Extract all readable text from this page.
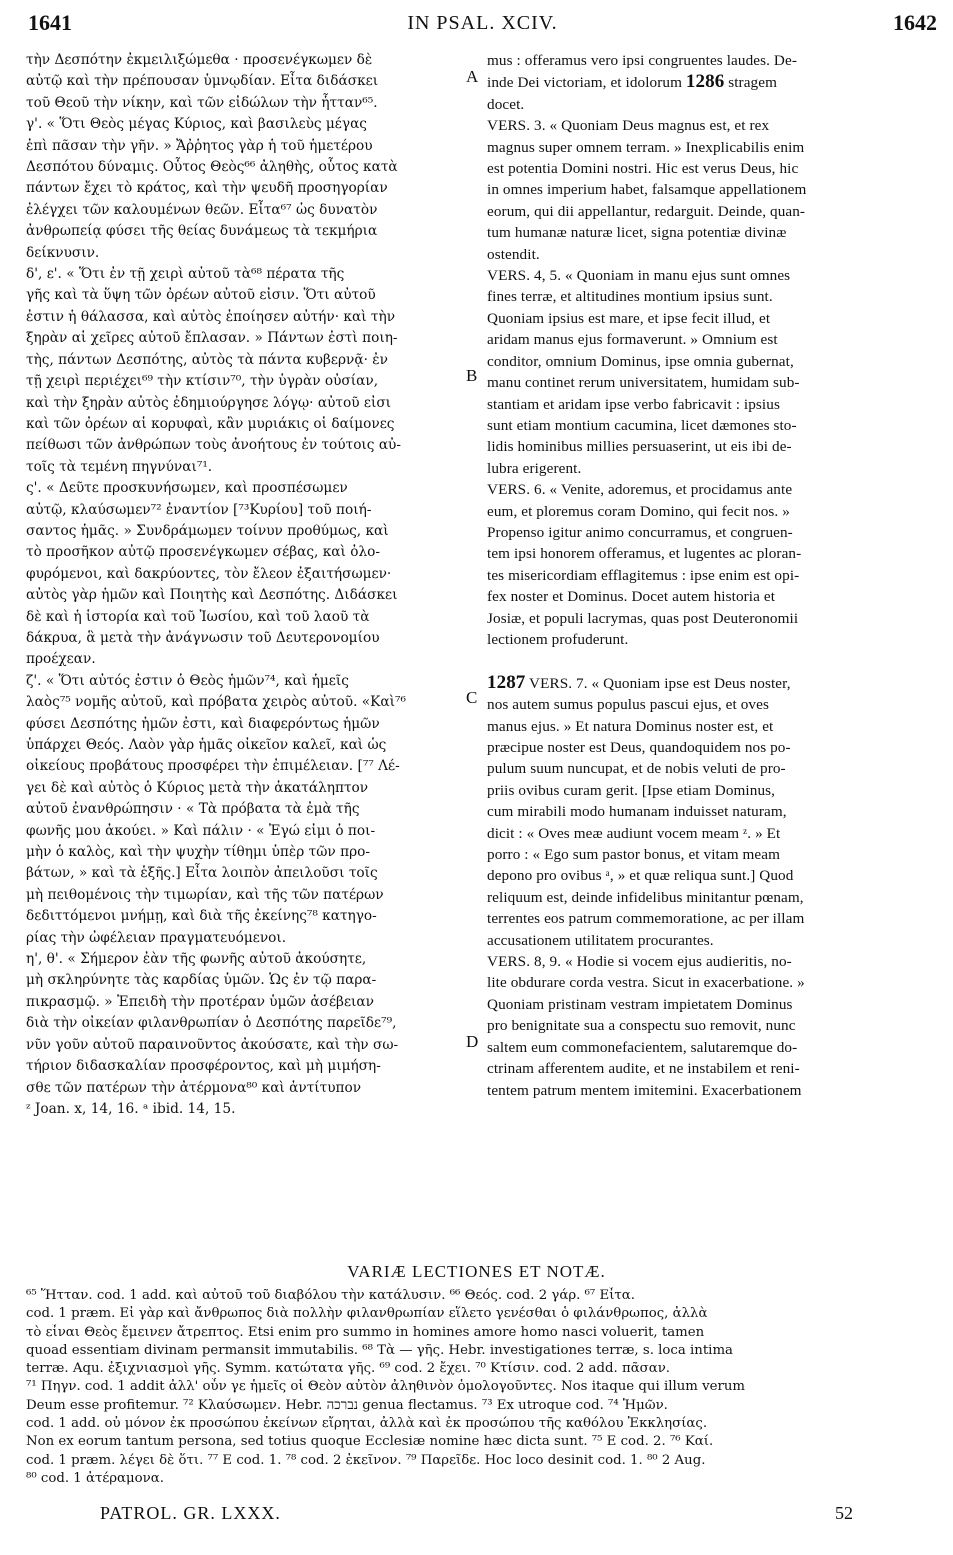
1641	IN PSAL. XCIV.	1642
τὴν Δεσπότην ἐκμειλιξώμεθα · προσενέγκωμεν δὲ
αὐτῷ καὶ τὴν πρέπουσαν ὑμνῳδίαν. Εἶτα διδάσκει
τοῦ Θεοῦ τὴν νίκην, καὶ τῶν εἰδώλων τὴν ἧτταν⁶⁵.
γ'. « Ὅτι Θεὸς μέγας Κύριος, καὶ βασιλεὺς μέγας
ἐπὶ πᾶσαν τὴν γῆν. » Ἄῤῥητος γὰρ ἡ τοῦ ἡμετέρου
Δεσπότου δύναμις. Οὗτος Θεὸς⁶⁶ ἀληθὴς, οὗτος κατὰ
πάντων ἔχει τὸ κράτος, καὶ τὴν ψευδῆ προσηγορίαν
ἐλέγχει τῶν καλουμένων θεῶν. Εἶτα⁶⁷ ὡς δυνατὸν
ἀνθρωπείᾳ φύσει τῆς θείας δυνάμεως τὰ τεκμήρια
δείκνυσιν.
δ', ε'. « Ὅτι ἐν τῇ χειρὶ αὐτοῦ τὰ⁶⁸ πέρατα τῆς
γῆς καὶ τὰ ὕψη τῶν ὀρέων αὐτοῦ εἰσιν. Ὅτι αὐτοῦ
ἐστιν ἡ θάλασσα, καὶ αὐτὸς ἐποίησεν αὐτήν· καὶ τὴν
ξηρὰν αἱ χεῖρες αὐτοῦ ἔπλασαν. » Πάντων ἐστὶ ποιη-
τὴς, πάντων Δεσπότης, αὐτὸς τὰ πάντα κυβερνᾷ· ἐν
τῇ χειρὶ περιέχει⁶⁹ τὴν κτίσιν⁷⁰, τὴν ὑγρὰν οὐσίαν,
καὶ τὴν ξηρὰν αὐτὸς ἐδημιούργησε λόγῳ· αὐτοῦ εἰσι
καὶ τῶν ὀρέων αἱ κορυφαὶ, κἂν μυριάκις οἱ δαίμονες
πείθωσι τῶν ἀνθρώπων τοὺς ἀνοήτους ἐν τούτοις αὐ-
τοῖς τὰ τεμένη πηγνύναι⁷¹.
ς'. « Δεῦτε προσκυνήσωμεν, καὶ προσπέσωμεν
αὐτῷ, κλαύσωμεν⁷² ἐναντίον [⁷³Κυρίου] τοῦ ποιή-
σαντος ἡμᾶς. » Συνδράμωμεν τοίνυν προθύμως, καὶ
τὸ προσῆκον αὐτῷ προσενέγκωμεν σέβας, καὶ ὀλο-
φυρόμενοι, καὶ δακρύοντες, τὸν ἔλεον ἐξαιτήσωμεν·
αὐτὸς γὰρ ἡμῶν καὶ Ποιητὴς καὶ Δεσπότης. Διδάσκει
δὲ καὶ ἡ ἱστορία καὶ τοῦ Ἰωσίου, καὶ τοῦ λαοῦ τὰ
δάκρυα, ἃ μετὰ τὴν ἀνάγνωσιν τοῦ Δευτερονομίου
προέχεαν.
ζ'. « Ὅτι αὐτός ἐστιν ὁ Θεὸς ἡμῶν⁷⁴, καὶ ἡμεῖς
λαὸς⁷⁵ νομῆς αὐτοῦ, καὶ πρόβατα χειρὸς αὐτοῦ. «Καὶ⁷⁶
φύσει Δεσπότης ἡμῶν ἐστι, καὶ διαφερόντως ἡμῶν
ὑπάρχει Θεός. Λαὸν γὰρ ἡμᾶς οἰκεῖον καλεῖ, καὶ ὡς
οἰκείους προβάτους προσφέρει τὴν ἐπιμέλειαν. [⁷⁷ Λέ-
γει δὲ καὶ αὐτὸς ὁ Κύριος μετὰ τὴν ἀκατάληπτον
αὐτοῦ ἐνανθρώπησιν · « Τὰ πρόβατα τὰ ἐμὰ τῆς
φωνῆς μου ἀκούει. » Καὶ πάλιν · « Ἐγώ εἰμι ὁ ποι-
μὴν ὁ καλὸς, καὶ τὴν ψυχὴν τίθημι ὑπὲρ τῶν προ-
βάτων, » καὶ τὰ ἑξῆς.] Εἶτα λοιπὸν ἀπειλοῦσι τοῖς
μὴ πειθομένοις τὴν τιμωρίαν, καὶ τῆς τῶν πατέρων
δεδιττόμενοι μνήμῃ, καὶ διὰ τῆς ἐκείνης⁷⁸ κατηγο-
ρίας τὴν ὠφέλειαν πραγματευόμενοι.
η', θ'. « Σήμερον ἐὰν τῆς φωνῆς αὐτοῦ ἀκούσητε,
μὴ σκληρύνητε τὰς καρδίας ὑμῶν. Ὡς ἐν τῷ παρα-
πικρασμῷ. » Ἐπειδὴ τὴν προτέραν ὑμῶν ἀσέβειαν
διὰ τὴν οἰκείαν φιλανθρωπίαν ὁ Δεσπότης παρεῖδε⁷⁹,
νῦν γοῦν αὐτοῦ παραινοῦντος ἀκούσατε, καὶ τὴν σω-
τήριον διδασκαλίαν προσφέροντος, καὶ μὴ μιμήση-
σθε τῶν πατέρων τὴν ἀτέρμονα⁸⁰ καὶ ἀντίτυπον
ᶻ Joan. x, 14, 16. ᵃ ibid. 14, 15.
mus : offeramus vero ipsi congruentes laudes. De-
inde Dei victoriam, et idolorum 1286 stragem
docet.
VERS. 3. « Quoniam Deus magnus est, et rex
magnus super omnem terram. » Inexplicabilis enim
est potentia Domini nostri. Hic est verus Deus, hic
in omnes imperium habet, falsamque appellationem
eorum, qui dii appellantur, redarguit. Deinde, quan-
tum humanæ naturæ licet, signa potentiæ divinæ
ostendit.
VERS. 4, 5. « Quoniam in manu ejus sunt omnes
fines terræ, et altitudines montium ipsius sunt.
Quoniam ipsius est mare, et ipse fecit illud, et
aridam manus ejus formaverunt. » Omnium est
conditor, omnium Dominus, ipse omnia gubernat,
manu continet rerum universitatem, humidam sub-
stantiam et aridam ipse verbo fabricavit : ipsius
sunt etiam montium cacumina, licet dæmones sto-
lidis hominibus millies persuaserint, ut eis ibi de-
lubra erigerent.
VERS. 6. « Venite, adoremus, et procidamus ante
eum, et ploremus coram Domino, qui fecit nos. »
Propenso igitur animo concurramus, et congruen-
tem ipsi honorem offeramus, et lugentes ac ploran-
tes misericordiam efflagitemus : ipse enim est opi-
fex noster et Dominus. Docet autem historia et
Josiæ, et populi lacrymas, quas post Deuteronomii
lectionem profuderunt.

1287 VERS. 7. « Quoniam ipse est Deus noster,
nos autem sumus populus pascui ejus, et oves
manus ejus. » Et natura Dominus noster est, et
præcipue noster est Deus, quandoquidem nos po-
pulum suum nuncupat, et de nobis veluti de pro-
priis ovibus curam gerit. [Ipse etiam Dominus,
cum mirabili modo humanam induisset naturam,
dicit : « Oves meæ audiunt vocem meam ᶻ. » Et
porro : « Ego sum pastor bonus, et vitam meam
depono pro ovibus ᵃ, » et quæ reliqua sunt.] Quod
reliquum est, deinde infidelibus minitantur pœnam,
terrentes eos patrum commemoratione, ac per illam
accusationem utilitatem procurantes.
VERS. 8, 9. « Hodie si vocem ejus audieritis, no-
lite obdurare corda vestra. Sicut in exacerbatione. »
Quoniam pristinam vestram impietatem Dominus
pro benignitate sua a conspectu suo removit, nunc
saltem eum commonefacientem, salutaremque do-
ctrinam afferentem audite, et ne instabilem et reni-
tentem patrum mentem imitemini. Exacerbationem
A
B
C
D
VARIÆ LECTIONES ET NOTÆ.
⁶⁵ Ἥτταν. cod. 1 add. καὶ αὐτοῦ τοῦ διαβόλου τὴν κατάλυσιν. ⁶⁶ Θεός. cod. 2 γάρ. ⁶⁷ Εἶτα.
cod. 1 præm. Εἰ γὰρ καὶ ἄνθρωπος διὰ πολλὴν φιλανθρωπίαν εἵλετο γενέσθαι ὁ φιλάνθρωπος, ἀλλὰ
τὸ εἶναι Θεὸς ἔμεινεν ἄτρεπτος. Etsi enim pro summo in homines amore homo nasci voluerit, tamen
quoad essentiam divinam permansit immutabilis. ⁶⁸ Τὰ — γῆς. Hebr. investigationes terræ, s. loca intima
terræ. Aqu. ἐξιχνιασμοὶ γῆς. Symm. κατώτατα γῆς. ⁶⁹ cod. 2 ἔχει. ⁷⁰ Κτίσιν. cod. 2 add. πᾶσαν.
⁷¹ Πηγν. cod. 1 addit ἀλλ' οὖν γε ἡμεῖς οἱ Θεὸν αὐτὸν ἀληθινὸν ὁμολογοῦντες. Nos itaque qui illum verum
Deum esse profitemur. ⁷² Κλαύσωμεν. Hebr. נברכה genua flectamus. ⁷³ Ex utroque cod. ⁷⁴ Ἡμῶν.
cod. 1 add. οὐ μόνον ἐκ προσώπου ἐκείνων εἴρηται, ἀλλὰ καὶ ἐκ προσώπου τῆς καθόλου Ἐκκλησίας.
Non ex eorum tantum persona, sed totius quoque Ecclesiæ nomine hæc dicta sunt. ⁷⁵ E cod. 2. ⁷⁶ Καί.
cod. 1 præm. λέγει δὲ ὅτι. ⁷⁷ E cod. 1. ⁷⁸ cod. 2 ἐκεῖνον. ⁷⁹ Παρεῖδε. Hoc loco desinit cod. 1. ⁸⁰ 2 Aug.
⁸⁰ cod. 1 ἀτέραμονα.
PATROL. GR. LXXX.	52
